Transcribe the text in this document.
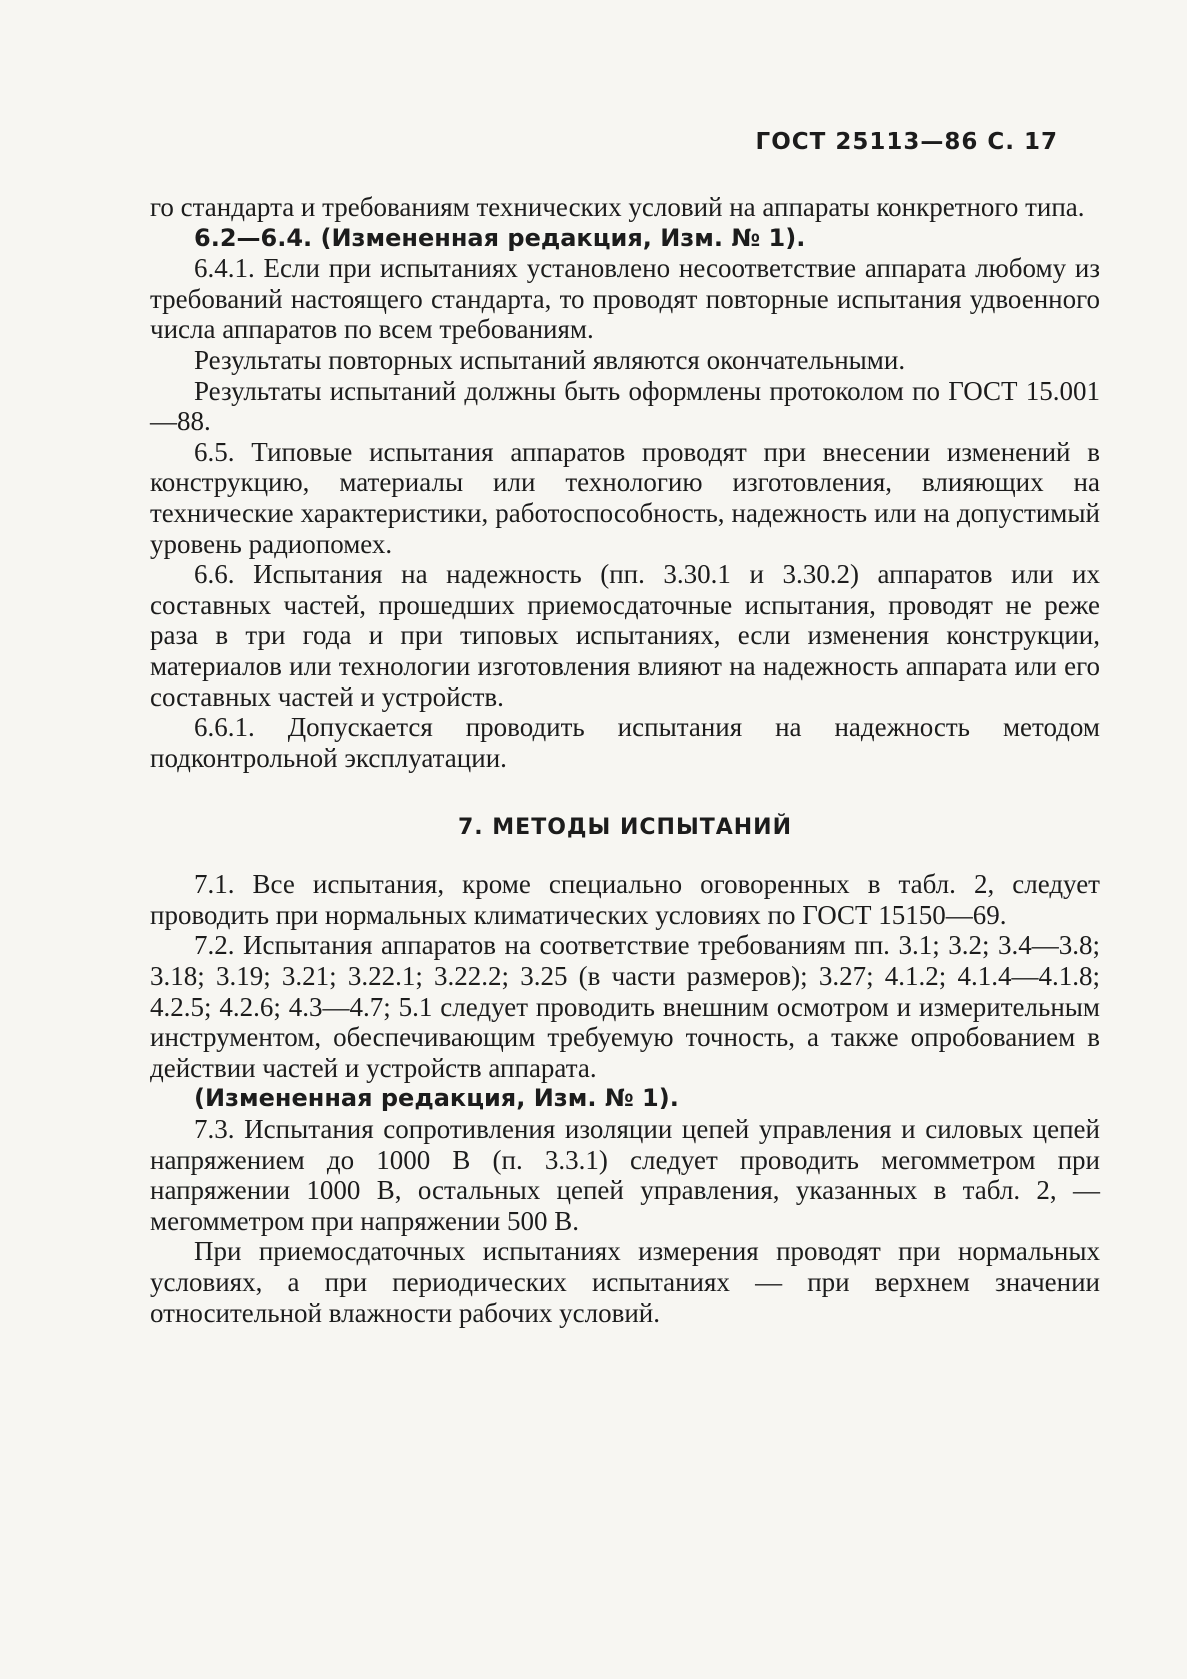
ГОСТ 25113—86 С. 17

го стандарта и требованиям технических условий на аппараты конкретного типа.

6.2—6.4. (Измененная редакция, Изм. № 1).

6.4.1. Если при испытаниях установлено несоответствие аппарата любому из требований настоящего стандарта, то проводят повторные испытания удвоенного числа аппаратов по всем требованиям.

Результаты повторных испытаний являются окончательными.

Результаты испытаний должны быть оформлены протоколом по ГОСТ 15.001—88.

6.5. Типовые испытания аппаратов проводят при внесении изменений в конструкцию, материалы или технологию изготовления, влияющих на технические характеристики, работоспособность, надежность или на допустимый уровень радиопомех.

6.6. Испытания на надежность (пп. 3.30.1 и 3.30.2) аппаратов или их составных частей, прошедших приемосдаточные испытания, проводят не реже раза в три года и при типовых испытаниях, если изменения конструкции, материалов или технологии изготовления влияют на надежность аппарата или его составных частей и устройств.

6.6.1. Допускается проводить испытания на надежность методом подконтрольной эксплуатации.

7. МЕТОДЫ ИСПЫТАНИЙ

7.1. Все испытания, кроме специально оговоренных в табл. 2, следует проводить при нормальных климатических условиях по ГОСТ 15150—69.

7.2. Испытания аппаратов на соответствие требованиям пп. 3.1; 3.2; 3.4—3.8; 3.18; 3.19; 3.21; 3.22.1; 3.22.2; 3.25 (в части размеров); 3.27; 4.1.2; 4.1.4—4.1.8; 4.2.5; 4.2.6; 4.3—4.7; 5.1 следует проводить внешним осмотром и измерительным инструментом, обеспечивающим требуемую точность, а также опробованием в действии частей и устройств аппарата.

(Измененная редакция, Изм. № 1).

7.3. Испытания сопротивления изоляции цепей управления и силовых цепей напряжением до 1000 В (п. 3.3.1) следует проводить мегомметром при напряжении 1000 В, остальных цепей управления, указанных в табл. 2, — мегомметром при напряжении 500 В.

При приемосдаточных испытаниях измерения проводят при нормальных условиях, а при периодических испытаниях — при верхнем значении относительной влажности рабочих условий.
